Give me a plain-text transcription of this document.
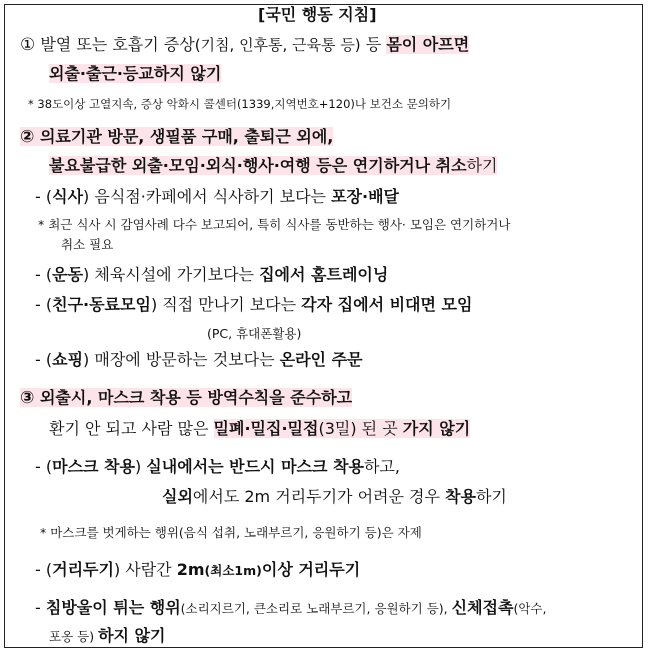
[국민 행동 지침]
① 발열 또는 호흡기 증상(기침, 인후통, 근육통 등) 등 몸이 아프면
외출·출근·등교하지 않기
* 38도이상 고열지속, 증상 악화시 콜센터(1339,지역번호+120)나 보건소 문의하기
② 의료기관 방문, 생필품 구매, 출퇴근 외에,
불요불급한 외출·모임·외식·행사·여행 등은 연기하거나 취소하기
- (식사) 음식점·카페에서 식사하기 보다는 포장·배달
* 최근 식사 시 감염사례 다수 보고되어, 특히 식사를 동반하는 행사· 모임은 연기하거나
취소 필요
- (운동) 체육시설에 가기보다는 집에서 홈트레이닝
- (친구·동료모임) 직접 만나기 보다는 각자 집에서 비대면 모임
(PC, 휴대폰활용)
- (쇼핑) 매장에 방문하는 것보다는 온라인 주문
③ 외출시, 마스크 착용 등 방역수칙을 준수하고
환기 안 되고 사람 많은 밀폐·밀집·밀접(3밀) 된 곳 가지 않기
- (마스크 착용) 실내에서는 반드시 마스크 착용하고,
실외에서도 2m 거리두기가 어려운 경우 착용하기
* 마스크를 벗게하는 행위(음식 섭취, 노래부르기, 응원하기 등)은 자제
- (거리두기) 사람간 2m(최소1m)이상 거리두기
- 침방울이 튀는 행위(소리지르기, 큰소리로 노래부르기, 응원하기 등), 신체접촉(악수,
포옹 등) 하지 않기
